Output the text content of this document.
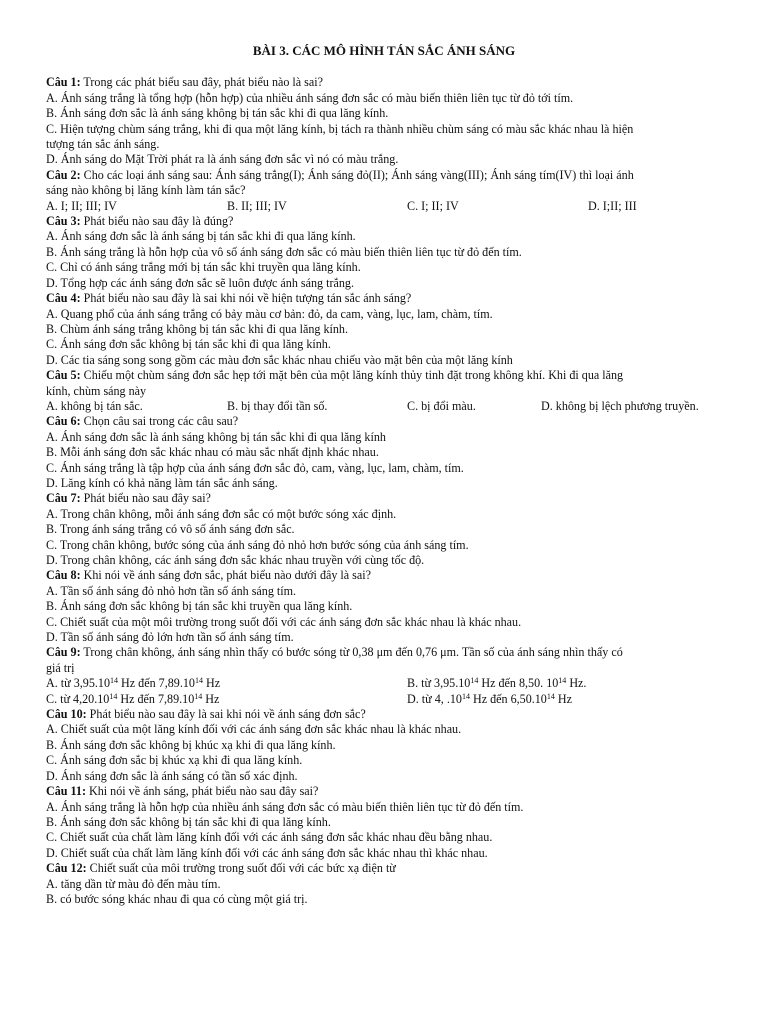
BÀI 3. CÁC MÔ HÌNH TÁN SẮC ÁNH SÁNG

Câu 1: Trong các phát biểu sau đây, phát biểu nào là sai?

A. Ánh sáng trắng là tổng hợp (hỗn hợp) của nhiều ánh sáng đơn sắc có màu biến thiên liên tục từ đỏ tới tím.

B. Ánh sáng đơn sắc là ánh sáng không bị tán sắc khi đi qua lăng kính.

C. Hiện tượng chùm sáng trắng, khi đi qua một lăng kính, bị tách ra thành nhiều chùm sáng có màu sắc khác nhau là hiện

tượng tán sắc ánh sáng.

D. Ánh sáng do Mặt Trời phát ra là ánh sáng đơn sắc vì nó có màu trắng.

Câu 2: Cho các loại ánh sáng sau: Ánh sáng trắng(I); Ánh sáng đỏ(II); Ánh sáng vàng(III); Ánh sáng tím(IV) thì loại ánh

sáng nào không bị lăng kính làm tán sắc?

A. I; II; III; IV	B. II; III; IV	C. I; II; IV	D. I;II; III

Câu 3: Phát biểu nào sau đây là đúng?

A. Ánh sáng đơn sắc là ánh sáng bị tán sắc khi đi qua lăng kính.

B. Ánh sáng trắng là hỗn hợp của vô số ánh sáng đơn sắc có màu biến thiên liên tục từ đỏ đến tím.

C. Chỉ có ánh sáng trắng mới bị tán sắc khi truyền qua lăng kính.

D. Tổng hợp các ánh sáng đơn sắc sẽ luôn được ánh sáng trắng.

Câu 4: Phát biểu nào sau đây là sai khi nói về hiện tượng tán sắc ánh sáng?

A. Quang phổ của ánh sáng trắng có bảy màu cơ bản: đỏ, da cam, vàng, lục, lam, chàm, tím.

B. Chùm ánh sáng trắng không bị tán sắc khi đi qua lăng kính.

C. Ánh sáng đơn sắc không bị tán sắc khi đi qua lăng kính.

D. Các tia sáng song song gồm các màu đơn sắc khác nhau chiếu vào mặt bên của một lăng kính

Câu 5: Chiếu một chùm sáng đơn sắc hẹp tới mặt bên của một lăng kính thủy tinh đặt trong không khí. Khi đi qua lăng

kính, chùm sáng này

A. không bị tán sắc.	B. bị thay đổi tần số.	C. bị đổi màu.	D. không bị lệch phương truyền.

Câu 6: Chọn câu sai trong các câu sau?

A. Ánh sáng đơn sắc là ánh sáng không bị tán sắc khi đi qua lăng kính

B. Mỗi ánh sáng đơn sắc khác nhau có màu sắc nhất định khác nhau.

C. Ánh sáng trắng là tập hợp của ánh sáng đơn sắc đỏ, cam, vàng, lục, lam, chàm, tím.

D. Lăng kính có khả năng làm tán sắc ánh sáng.

Câu 7: Phát biểu nào sau đây sai?

A. Trong chân không, mỗi ánh sáng đơn sắc có một bước sóng xác định.

B. Trong ánh sáng trắng có vô số ánh sáng đơn sắc.

C. Trong chân không, bước sóng của ánh sáng đỏ nhỏ hơn bước sóng của ánh sáng tím.

D. Trong chân không, các ánh sáng đơn sắc khác nhau truyền với cùng tốc độ.

Câu 8: Khi nói về ánh sáng đơn sắc, phát biểu nào dưới đây là sai?

A. Tần số ánh sáng đỏ nhỏ hơn tần số ánh sáng tím.

B. Ánh sáng đơn sắc không bị tán sắc khi truyền qua lăng kính.

C. Chiết suất của một môi trường trong suốt đối với các ánh sáng đơn sắc khác nhau là khác nhau.

D. Tần số ánh sáng đỏ lớn hơn tần số ánh sáng tím.

Câu 9: Trong chân không, ánh sáng nhìn thấy có bước sóng từ 0,38 μm đến 0,76 μm. Tần số của ánh sáng nhìn thấy có

giá trị

A. từ 3,95.10$^{14}$ Hz đến 7,89.10$^{14}$ Hz	B. từ 3,95.10$^{14}$ Hz đến 8,50. $10^{14}$ Hz.
C. từ 4,20.10$^{14}$ Hz đến 7,89.10$^{14}$ Hz	D. từ 4, $.10^{14}$ Hz đến 6,50.10$^{14}$ Hz

Câu 10: Phát biểu nào sau đây là sai khi nói về ánh sáng đơn sắc?

A. Chiết suất của một lăng kính đối với các ánh sáng đơn sắc khác nhau là khác nhau.

B. Ánh sáng đơn sắc không bị khúc xạ khi đi qua lăng kính.

C. Ánh sáng đơn sắc bị khúc xạ khi đi qua lăng kính.

D. Ánh sáng đơn sắc là ánh sáng có tần số xác định.

Câu 11: Khi nói về ánh sáng, phát biểu nào sau đây sai?

A. Ánh sáng trắng là hỗn hợp của nhiều ánh sáng đơn sắc có màu biến thiên liên tục từ đỏ đến tím.

B. Ánh sáng đơn sắc không bị tán sắc khi đi qua lăng kính.

C. Chiết suất của chất làm lăng kính đối với các ánh sáng đơn sắc khác nhau đều bằng nhau.

D. Chiết suất của chất làm lăng kính đối với các ánh sáng đơn sắc khác nhau thì khác nhau.

Câu 12: Chiết suất của môi trường trong suốt đối với các bức xạ điện từ

A. tăng dần từ màu đỏ đến màu tím.

B. có bước sóng khác nhau đi qua có cùng một giá trị.
